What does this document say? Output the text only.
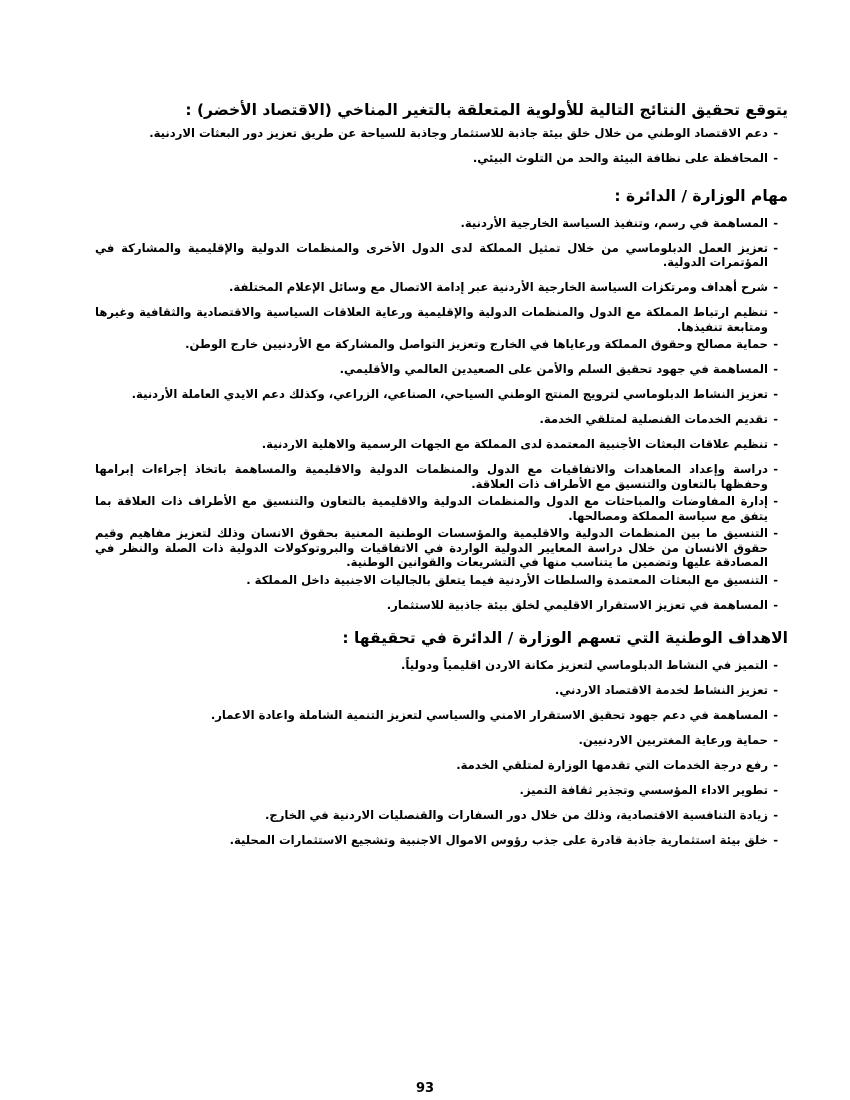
يتوقع تحقيق النتائج التالية للأولوية المتعلقة بالتغير المناخي (الاقتصاد الأخضر) :
- دعم الاقتصاد الوطني من خلال خلق بيئة جاذبة للاستثمار وجاذبة للسياحة عن طريق تعزيز دور البعثات الاردنية.
- المحافظة على نظافة البيئة والحد من التلوث البيئي.
مهام الوزارة / الدائرة :
- المساهمة في رسم، وتنفيذ السياسة الخارجية الأردنية.
- تعزيز العمل الدبلوماسي من خلال تمثيل المملكة لدى الدول الأخرى والمنظمات الدولية والإقليمية والمشاركة في المؤتمرات الدولية.
- شرح أهداف ومرتكزات السياسة الخارجية الأردنية عبر إدامة الاتصال مع وسائل الإعلام المختلفة.
- تنظيم ارتباط المملكة مع الدول والمنظمات الدولية والإقليمية ورعاية العلاقات السياسية والاقتصادية والثقافية وغيرها ومتابعة تنفيذها.
- حماية مصالح وحقوق المملكة ورعاياها في الخارج وتعزيز التواصل والمشاركة مع الأردنيين خارج الوطن.
- المساهمة في جهود تحقيق السلم والأمن على الصعيدين العالمي والأقليمي.
- تعزيز النشاط الدبلوماسي لترويج المنتج الوطني السياحي، الصناعي، الزراعي، وكذلك دعم الايدي العاملة الأردنية.
- تقديم الخدمات القنصلية لمتلقي الخدمة.
- تنظيم علاقات البعثات الأجنبية المعتمدة لدى المملكة مع الجهات الرسمية والاهلية الاردنية.
- دراسة وإعداد المعاهدات والاتفاقيات مع الدول والمنظمات الدولية والاقليمية والمساهمة باتخاذ إجراءات إبرامها وحفظها بالتعاون والتنسيق مع الأطراف ذات العلاقة.
- إدارة المفاوضات والمباحثات مع الدول والمنظمات الدولية والاقليمية بالتعاون والتنسيق مع الأطراف ذات العلاقة بما يتفق مع سياسة المملكة ومصالحها.
- التنسيق ما بين المنظمات الدولية والاقليمية والمؤسسات الوطنية المعنية بحقوق الانسان وذلك لتعزيز مفاهيم وقيم حقوق الانسان من خلال دراسة المعايير الدولية الواردة في الاتفاقيات والبروتوكولات الدولية ذات الصلة والنظر في المصادقة عليها وتضمين ما يتناسب منها في التشريعات والقوانين الوطنية.
- التنسيق مع البعثات المعتمدة والسلطات الأردنية فيما يتعلق بالجاليات الاجنبية داخل المملكة .
- المساهمة في تعزيز الاستقرار الاقليمي لخلق بيئة جاذبية للاستثمار.
الاهداف الوطنية التي تسهم الوزارة / الدائرة في تحقيقها :
- التميز في النشاط الدبلوماسي لتعزيز مكانة الاردن اقليمياً ودولياً.
- تعزيز النشاط لخدمة الاقتصاد الاردني.
- المساهمة في دعم جهود تحقيق الاستقرار الامني والسياسي لتعزيز التنمية الشاملة واعادة الاعمار.
- حماية ورعاية المغتربين الاردنيين.
- رفع درجة الخدمات التي تقدمها الوزارة لمتلقي الخدمة.
- تطوير الاداء المؤسسي وتجذير ثقافة التميز.
- زيادة التنافسية الاقتصادية، وذلك من خلال دور السفارات والقنصليات الاردنية في الخارج.
- خلق بيئة استثمارية جاذبة قادرة على جذب رؤوس الاموال الاجنبية وتشجيع الاستثمارات المحلية.
93
